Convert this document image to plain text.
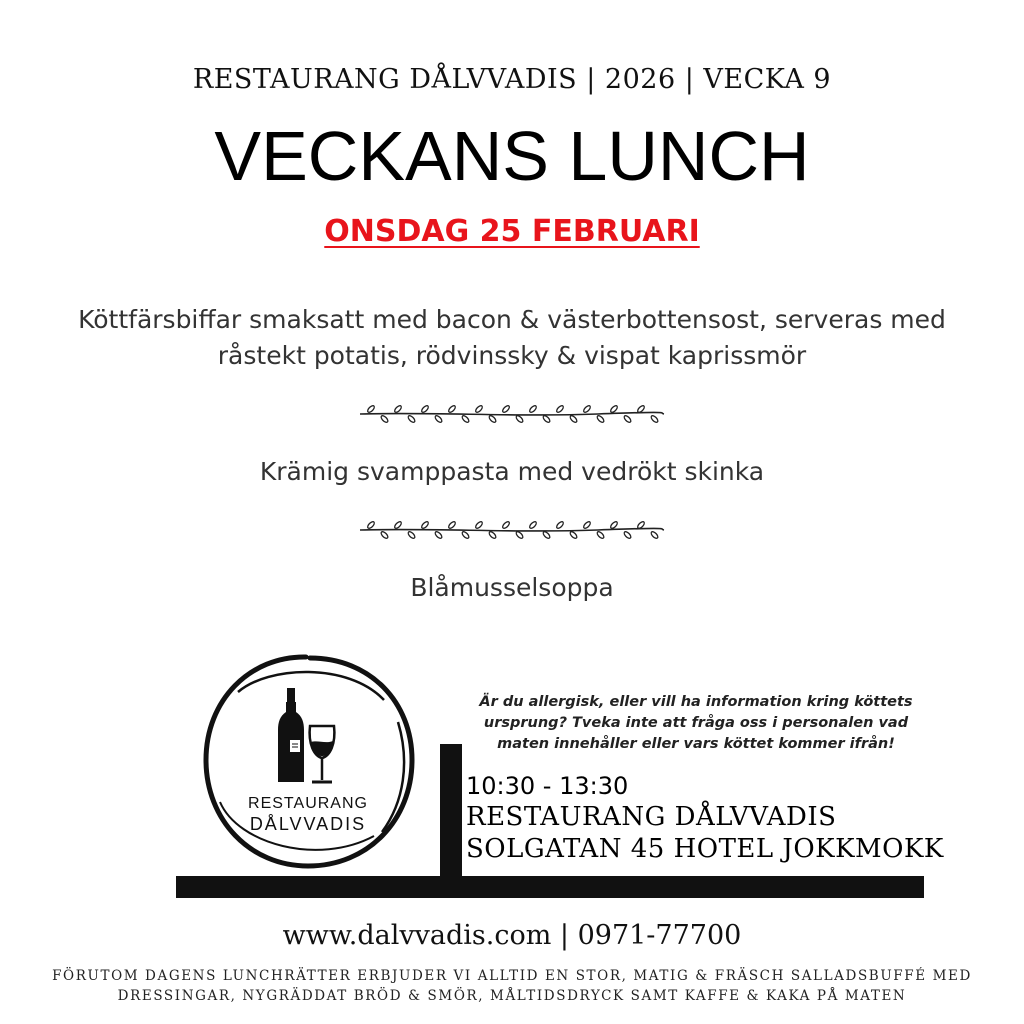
RESTAURANG DÅLVVADIS | 2026 | VECKA 9
VECKANS LUNCH
ONSDAG 25 FEBRUARI
Köttfärsbiffar smaksatt med bacon & västerbottensost, serveras med
råstekt potatis, rödvinssky & vispat kaprissmör
Krämig svamppasta med vedrökt skinka
Blåmusselsoppa
RESTAURANG
DÅLVVADIS
Är du allergisk, eller vill ha information kring köttets
ursprung? Tveka inte att fråga oss i personalen vad
maten innehåller eller vars köttet kommer ifrån!
10:30 - 13:30
RESTAURANG DÅLVVADIS
SOLGATAN 45 HOTEL JOKKMOKK
www.dalvvadis.com | 0971-77700
FÖRUTOM DAGENS LUNCHRÄTTER ERBJUDER VI ALLTID EN STOR, MATIG & FRÄSCH SALLADSBUFFÉ MED
DRESSINGAR, NYGRÄDDAT BRÖD & SMÖR, MÅLTIDSDRYCK SAMT KAFFE & KAKA PÅ MATEN
